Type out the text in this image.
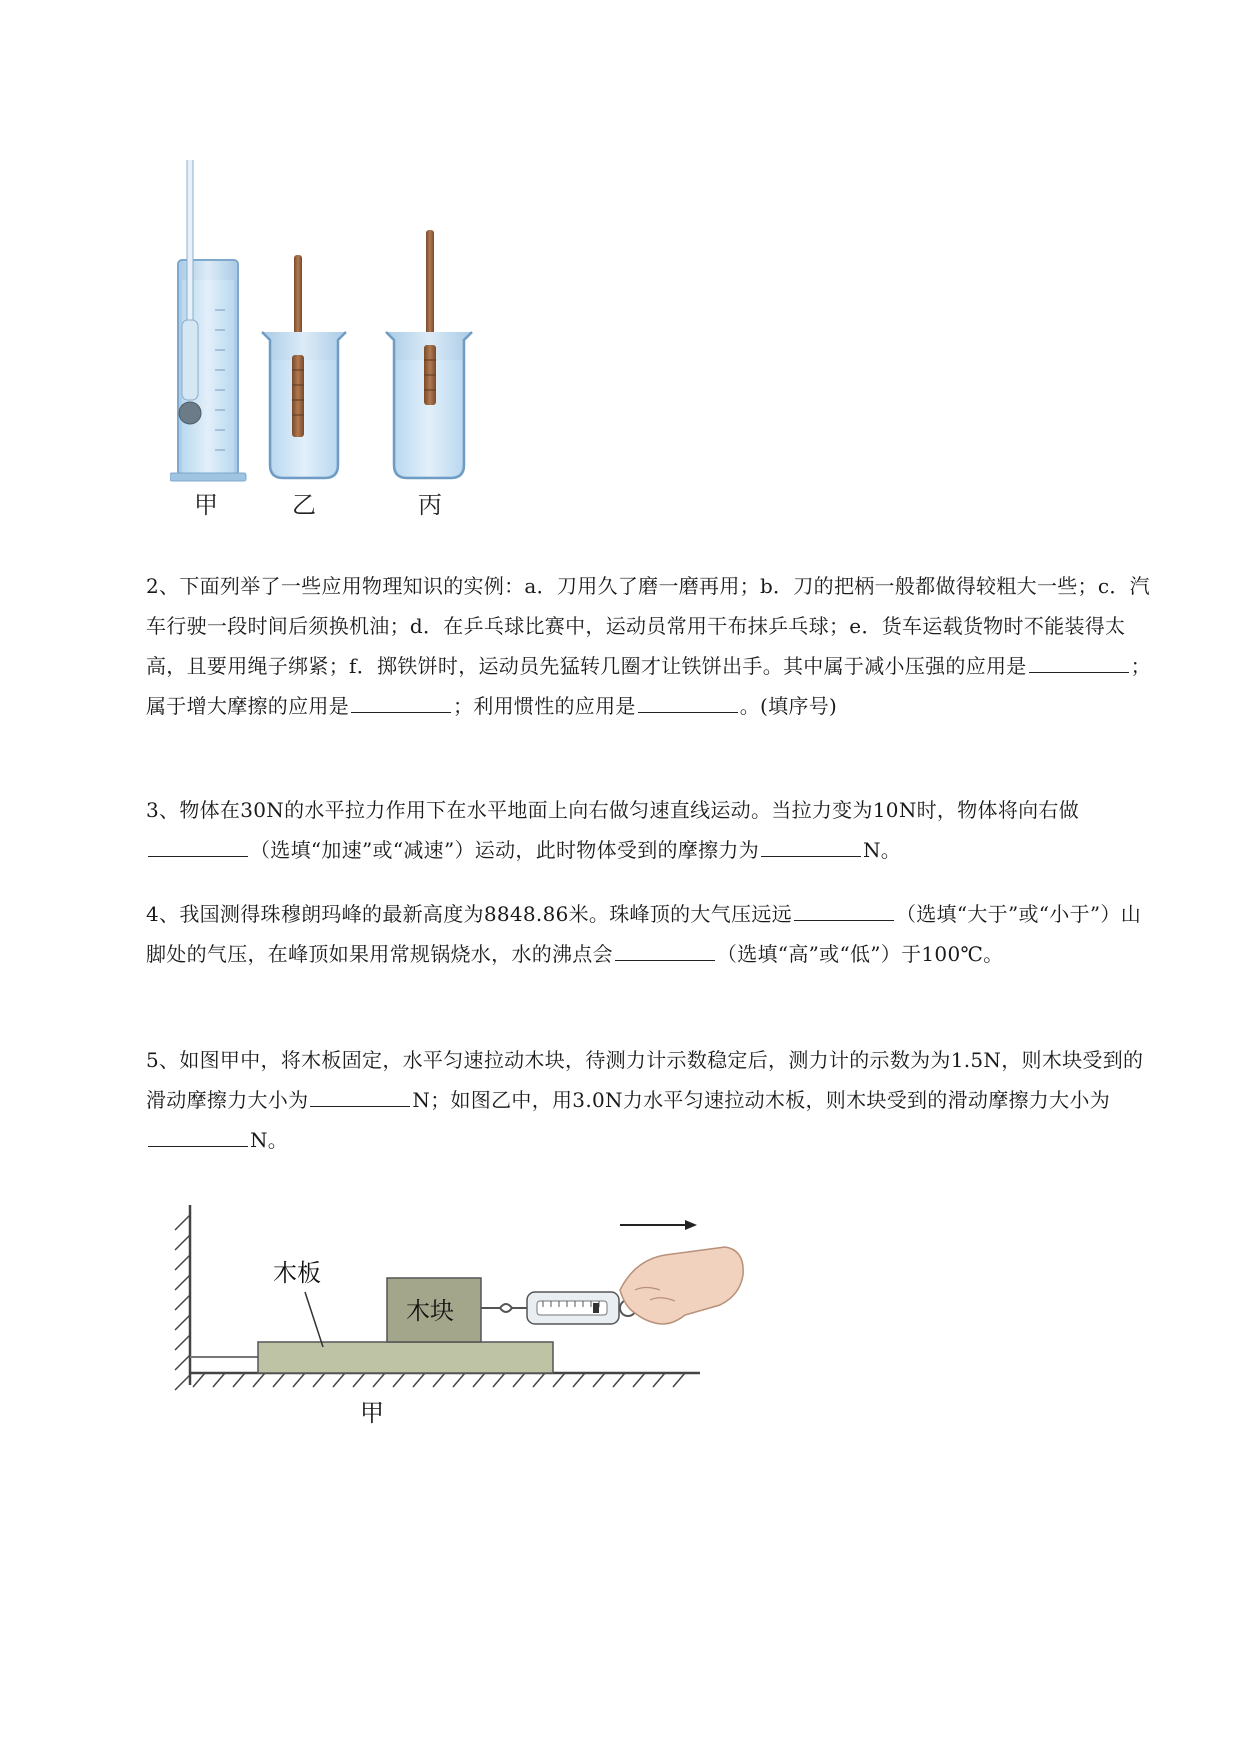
甲	乙	丙
2、下面列举了一些应用物理知识的实例：a．刀用久了磨一磨再用；b．刀的把柄一般都做得较粗大一些；c．汽车行驶一段时间后须换机油；d．在乒乓球比赛中，运动员常用干布抹乒乓球；e．货车运载货物时不能装得太高，且要用绳子绑紧；f．掷铁饼时，运动员先猛转几圈才让铁饼出手。其中属于减小压强的应用是	；属于增大摩擦的应用是	；利用惯性的应用是	。(填序号)
3、物体在30N的水平拉力作用下在水平地面上向右做匀速直线运动。当拉力变为10N时，物体将向右做（选填“加速”或“减速”）运动，此时物体受到的摩擦力为	N。
4、我国测得珠穆朗玛峰的最新高度为8848.86米。珠峰顶的大气压远远	（选填“大于”或“小于”）山脚处的气压，在峰顶如果用常规锅烧水，水的沸点会	（选填“高”或“低”）于100℃。
5、如图甲中，将木板固定，水平匀速拉动木块，待测力计示数稳定后，测力计的示数为为1.5N，则木块受到的滑动摩擦力大小为	N；如图乙中，用3.0N力水平匀速拉动木板，则木块受到的滑动摩擦力大小为N。
木块
木板
甲
